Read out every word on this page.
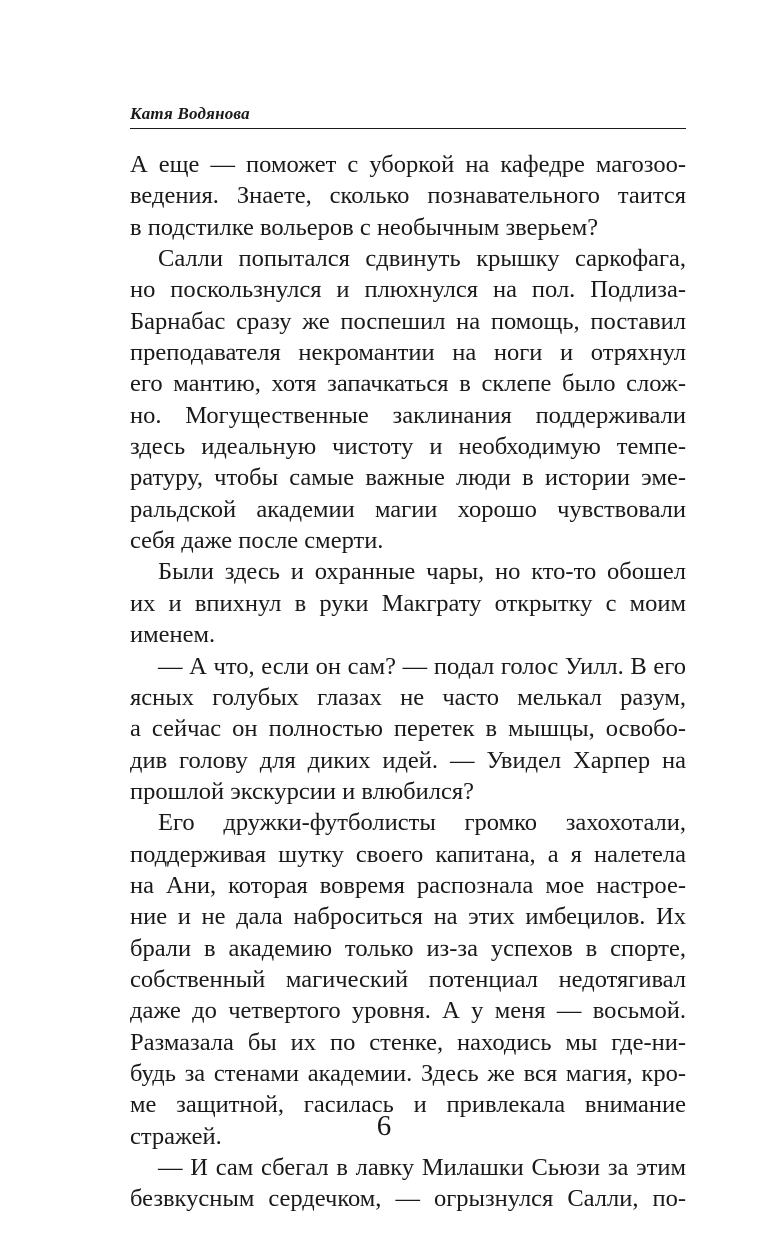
Катя Водянова
А еще — поможет с уборкой на кафедре магозоо-
ведения. Знаете, сколько познавательного таится
в подстилке вольеров с необычным зверьем?
Салли попытался сдвинуть крышку саркофага,
но поскользнулся и плюхнулся на пол. Подлиза-
Барнабас сразу же поспешил на помощь, поставил
преподавателя некромантии на ноги и отряхнул
его мантию, хотя запачкаться в склепе было слож-
но. Могущественные заклинания поддерживали
здесь идеальную чистоту и необходимую темпе-
ратуру, чтобы самые важные люди в истории эме-
ральдской академии магии хорошо чувствовали
себя даже после смерти.
Были здесь и охранные чары, но кто-то обошел
их и впихнул в руки Макграту открытку с моим
именем.
— А что, если он сам? — подал голос Уилл. В его
ясных голубых глазах не часто мелькал разум,
а сейчас он полностью перетек в мышцы, освобо-
див голову для диких идей. — Увидел Харпер на
прошлой экскурсии и влюбился?
Его дружки-футболисты громко захохотали,
поддерживая шутку своего капитана, а я налетела
на Ани, которая вовремя распознала мое настрое-
ние и не дала наброситься на этих имбецилов. Их
брали в академию только из-за успехов в спорте,
собственный магический потенциал недотягивал
даже до четвертого уровня. А у меня — восьмой.
Размазала бы их по стенке, находись мы где-ни-
будь за стенами академии. Здесь же вся магия, кро-
ме защитной, гасилась и привлекала внимание
стражей.
— И сам сбегал в лавку Милашки Сьюзи за этим
безвкусным сердечком, — огрызнулся Салли, по-
6
